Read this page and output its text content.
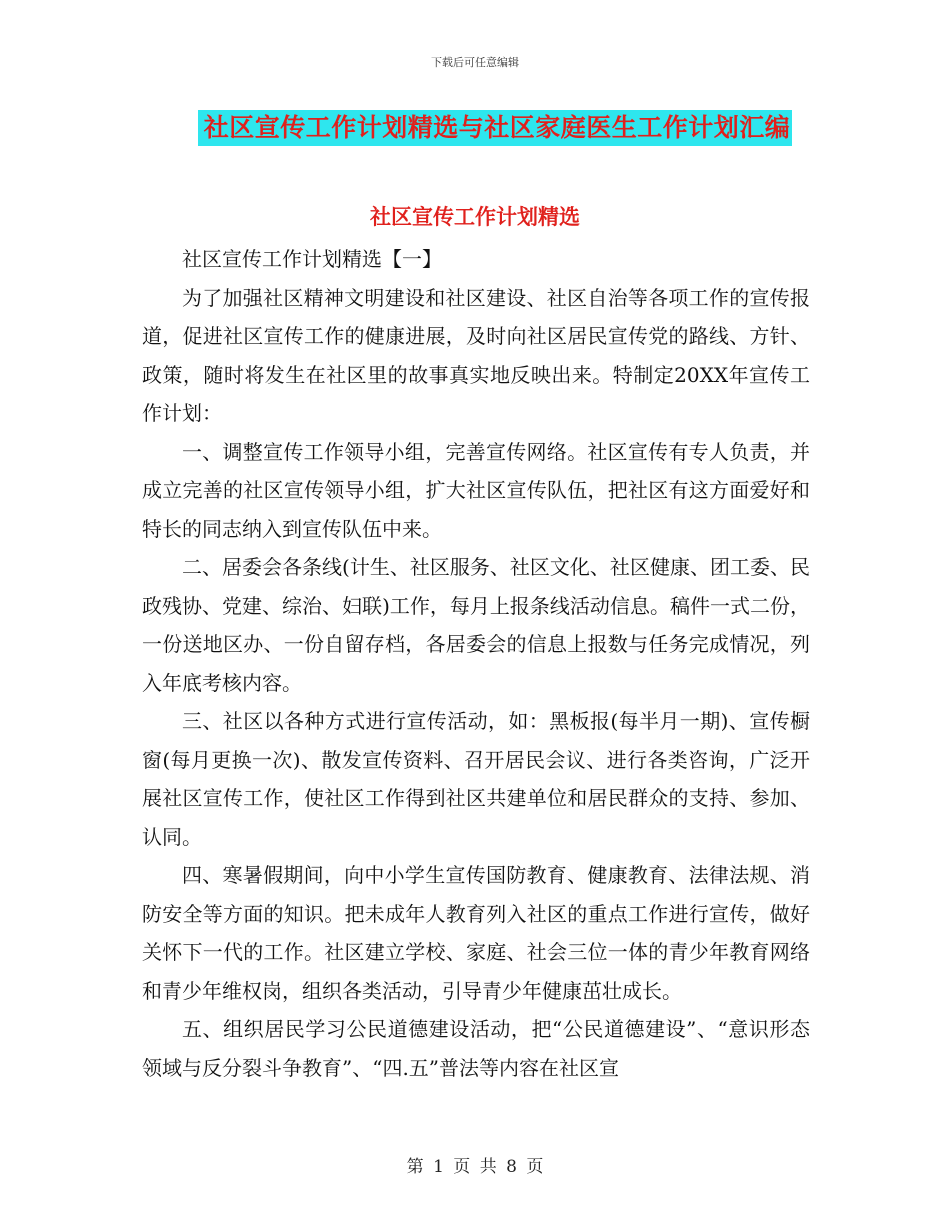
下载后可任意编辑
社区宣传工作计划精选与社区家庭医生工作计划汇编
社区宣传工作计划精选

社区宣传工作计划精选【一】

为了加强社区精神文明建设和社区建设、社区自治等各项工作的宣传报道，促进社区宣传工作的健康进展，及时向社区居民宣传党的路线、方针、政策，随时将发生在社区里的故事真实地反映出来。特制定20XX年宣传工作计划：

一、调整宣传工作领导小组，完善宣传网络。社区宣传有专人负责，并成立完善的社区宣传领导小组，扩大社区宣传队伍，把社区有这方面爱好和特长的同志纳入到宣传队伍中来。

二、居委会各条线(计生、社区服务、社区文化、社区健康、团工委、民政残协、党建、综治、妇联)工作，每月上报条线活动信息。稿件一式二份，一份送地区办、一份自留存档，各居委会的信息上报数与任务完成情况，列入年底考核内容。

三、社区以各种方式进行宣传活动，如：黑板报(每半月一期)、宣传橱窗(每月更换一次)、散发宣传资料、召开居民会议、进行各类咨询，广泛开展社区宣传工作，使社区工作得到社区共建单位和居民群众的支持、参加、认同。

四、寒暑假期间，向中小学生宣传国防教育、健康教育、法律法规、消防安全等方面的知识。把未成年人教育列入社区的重点工作进行宣传，做好关怀下一代的工作。社区建立学校、家庭、社会三位一体的青少年教育网络和青少年维权岗，组织各类活动，引导青少年健康茁壮成长。

五、组织居民学习公民道德建设活动，把“公民道德建设”、“意识形态领域与反分裂斗争教育”、“四.五”普法等内容在社区宣

第 1 页 共 8 页
